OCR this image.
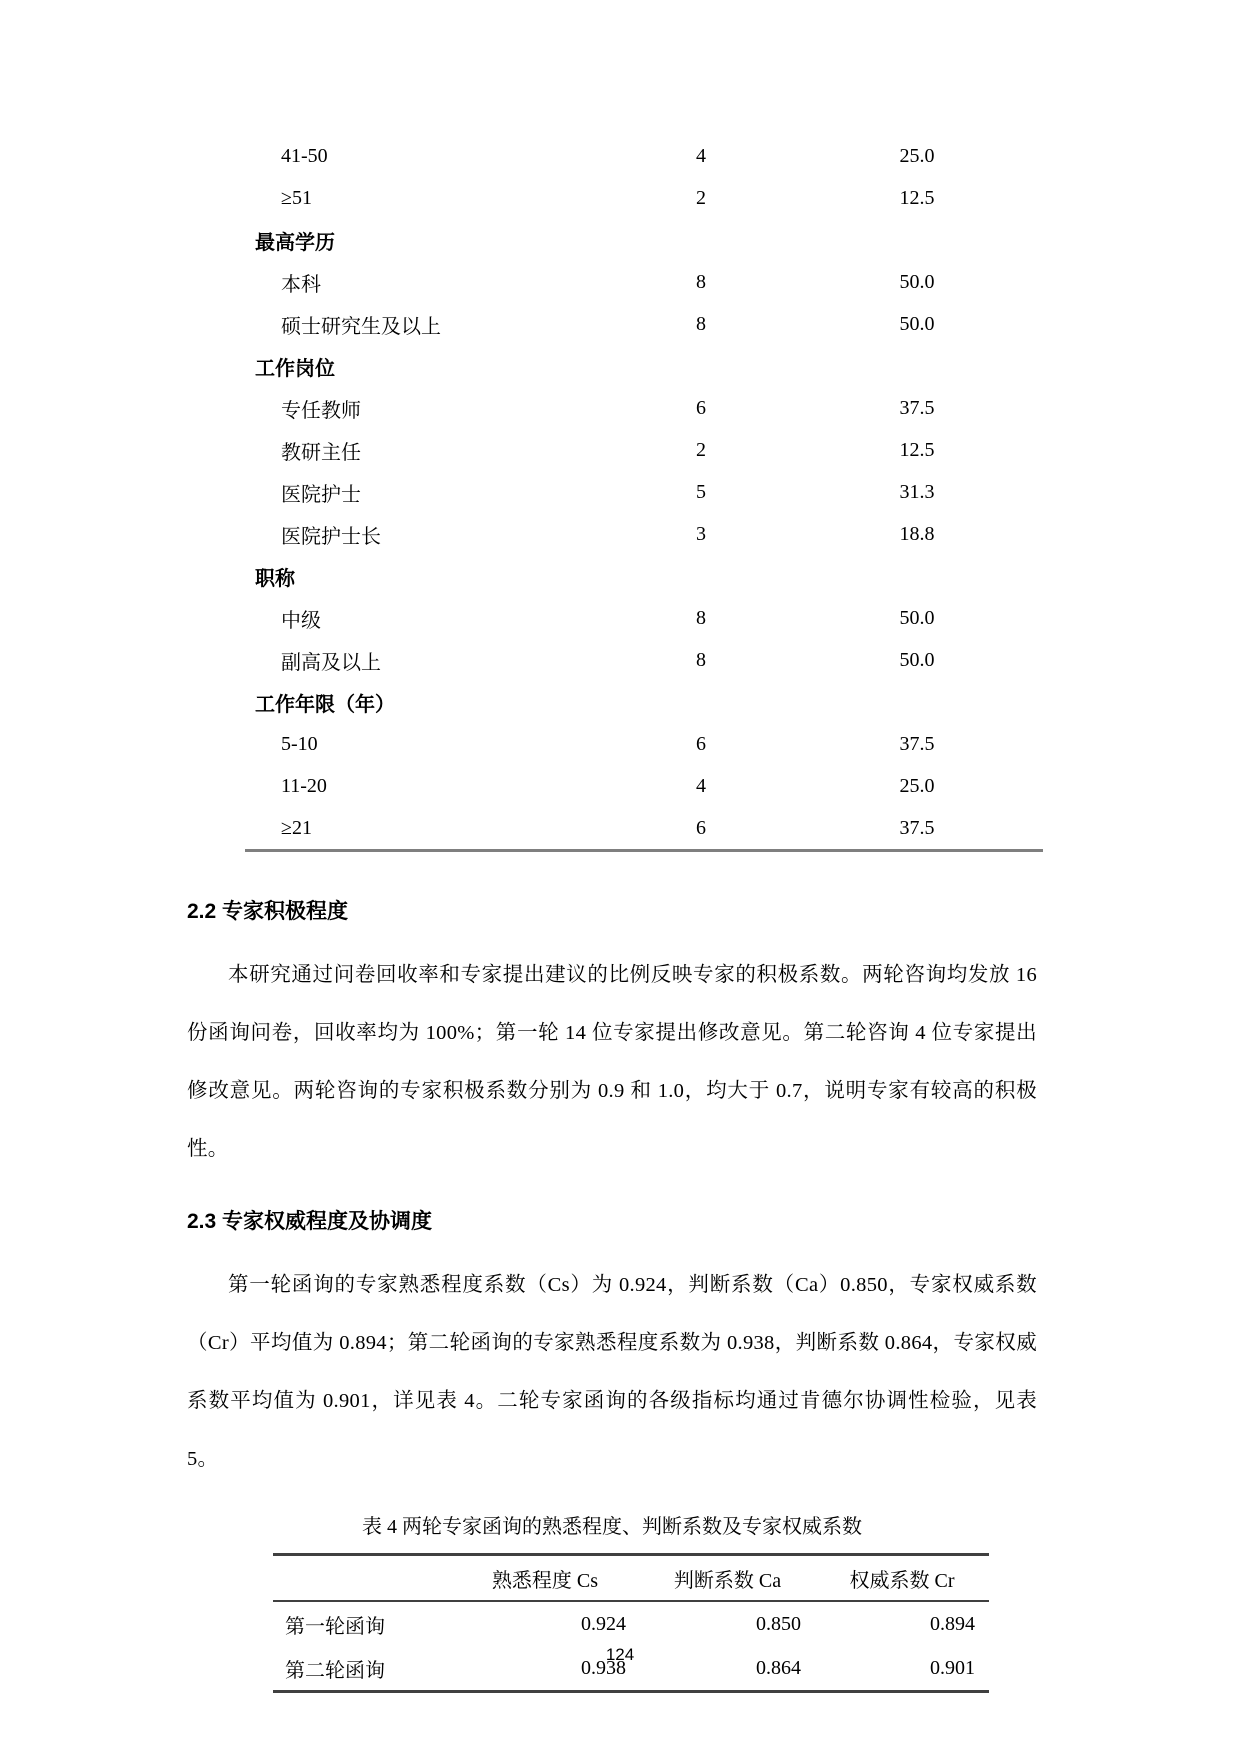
41-50	4	25.0
≥51	2	12.5
最高学历		
本科	8	50.0
硕士研究生及以上	8	50.0
工作岗位		
专任教师	6	37.5
教研主任	2	12.5
医院护士	5	31.3
医院护士长	3	18.8
职称		
中级	8	50.0
副高及以上	8	50.0
工作年限（年）		
5-10	6	37.5
11-20	4	25.0
≥21	6	37.5
2.2 专家积极程度

本研究通过问卷回收率和专家提出建议的比例反映专家的积极系数。两轮咨询均发放 16 份函询问卷，回收率均为 100%；第一轮 14 位专家提出修改意见。第二轮咨询 4 位专家提出修改意见。两轮咨询的专家积极系数分别为 0.9 和 1.0，均大于 0.7，说明专家有较高的积极性。

2.3 专家权威程度及协调度

第一轮函询的专家熟悉程度系数（Cs）为 0.924，判断系数（Ca）0.850，专家权威系数（Cr）平均值为 0.894；第二轮函询的专家熟悉程度系数为 0.938，判断系数 0.864，专家权威系数平均值为 0.901，详见表 4。二轮专家函询的各级指标均通过肯德尔协调性检验，见表 5。

表 4 两轮专家函询的熟悉程度、判断系数及专家权威系数
	熟悉程度 Cs	判断系数 Ca	权威系数 Cr
第一轮函询	0.924	0.850	0.894
第二轮函询	0.938	0.864	0.901
124
